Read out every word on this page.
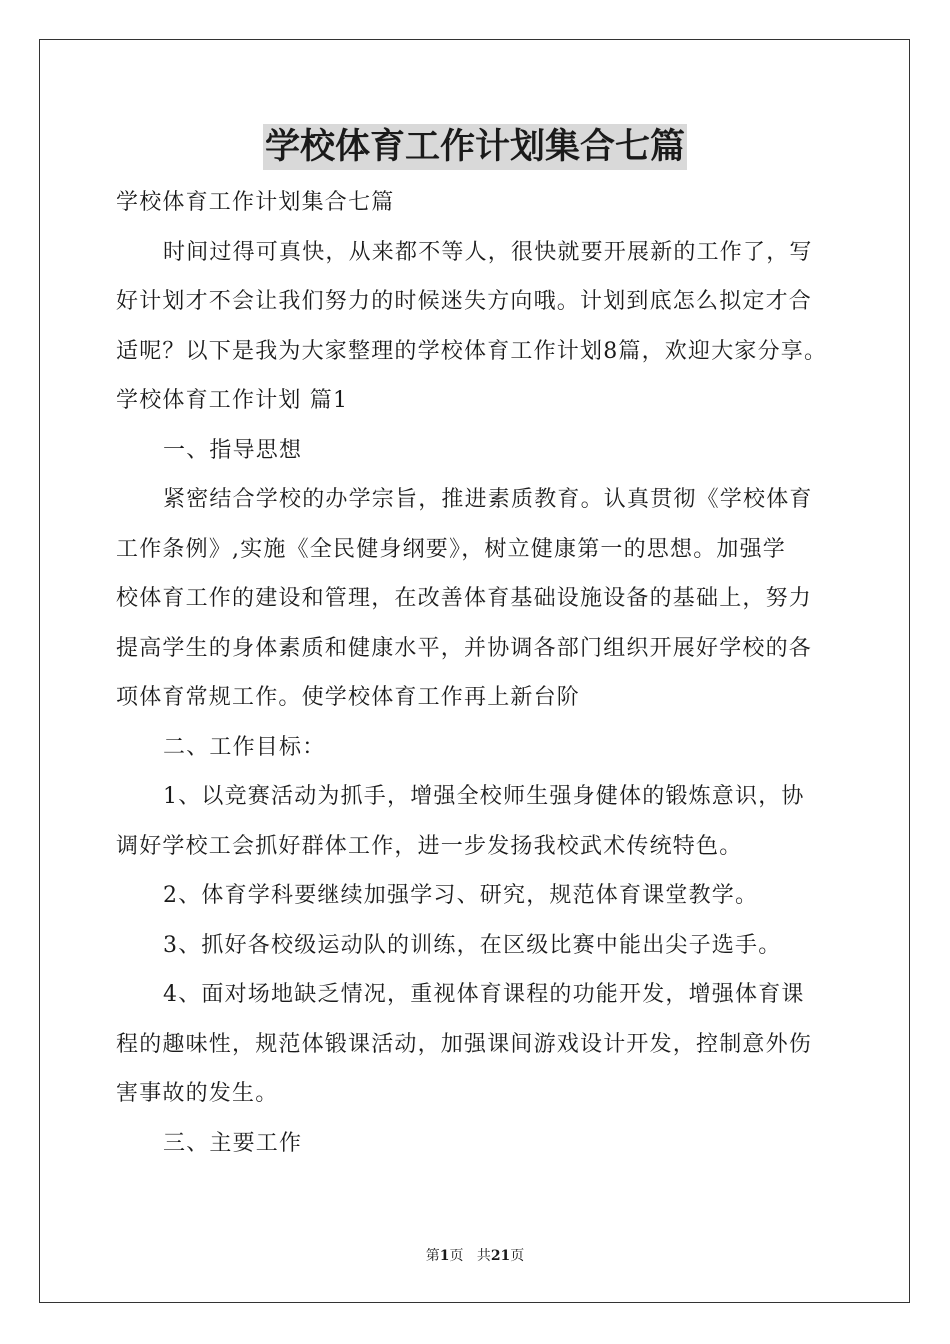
学校体育工作计划集合七篇
学校体育工作计划集合七篇
时间过得可真快，从来都不等人，很快就要开展新的工作了，写
好计划才不会让我们努力的时候迷失方向哦。计划到底怎么拟定才合
适呢？以下是我为大家整理的学校体育工作计划8篇，欢迎大家分享。
学校体育工作计划 篇1
一、指导思想
紧密结合学校的办学宗旨，推进素质教育。认真贯彻《学校体育
工作条例》,实施《全民健身纲要》，树立健康第一的思想。加强学
校体育工作的建设和管理，在改善体育基础设施设备的基础上，努力
提高学生的身体素质和健康水平，并协调各部门组织开展好学校的各
项体育常规工作。使学校体育工作再上新台阶
二、工作目标：
1、以竞赛活动为抓手，增强全校师生强身健体的锻炼意识，协
调好学校工会抓好群体工作，进一步发扬我校武术传统特色。
2、体育学科要继续加强学习、研究，规范体育课堂教学。
3、抓好各校级运动队的训练，在区级比赛中能出尖子选手。
4、面对场地缺乏情况，重视体育课程的功能开发，增强体育课
程的趣味性，规范体锻课活动，加强课间游戏设计开发，控制意外伤
害事故的发生。
三、主要工作
第1页 共21页
